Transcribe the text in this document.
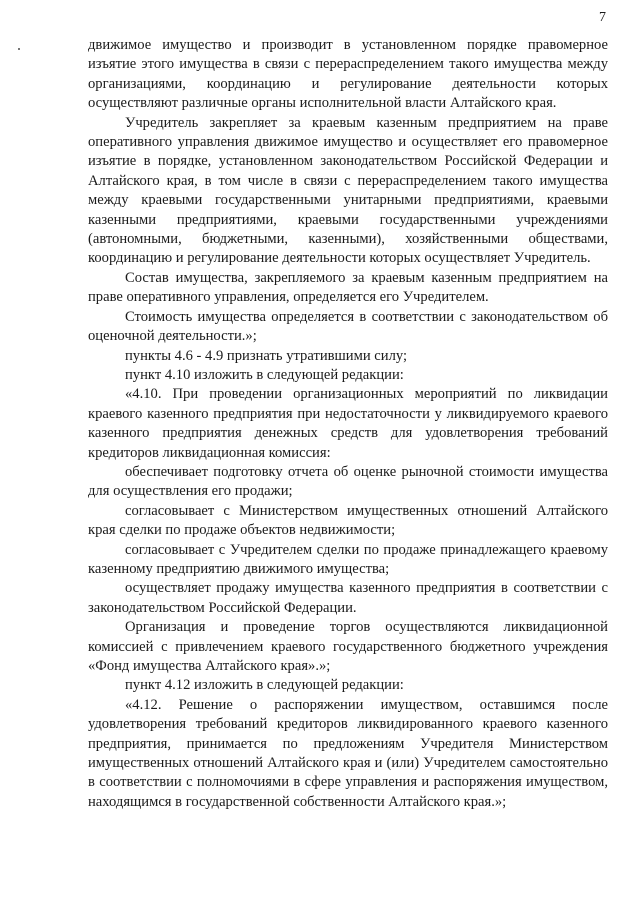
7

движимое имущество и производит в установленном порядке правомерное изъятие этого имущества в связи с перераспределением такого имущества между организациями, координацию и регулирование деятельности которых осуществляют различные органы исполнительной власти Алтайского края.

Учредитель закрепляет за краевым казенным предприятием на праве оперативного управления движимое имущество и осуществляет его правомерное изъятие в порядке, установленном законодательством Российской Федерации и Алтайского края, в том числе в связи с перераспределением такого имущества между краевыми государственными унитарными предприятиями, краевыми казенными предприятиями, краевыми государственными учреждениями (автономными, бюджетными, казенными), хозяйственными обществами, координацию и регулирование деятельности которых осуществляет Учредитель.

Состав имущества, закрепляемого за краевым казенным предприятием на праве оперативного управления, определяется его Учредителем.

Стоимость имущества определяется в соответствии с законодательством об оценочной деятельности.»;

пункты 4.6 - 4.9 признать утратившими силу;

пункт 4.10 изложить в следующей редакции:

«4.10. При проведении организационных мероприятий по ликвидации краевого казенного предприятия при недостаточности у ликвидируемого краевого казенного предприятия денежных средств для удовлетворения требований кредиторов ликвидационная комиссия:

обеспечивает подготовку отчета об оценке рыночной стоимости имущества для осуществления его продажи;

согласовывает с Министерством имущественных отношений Алтайского края сделки по продаже объектов недвижимости;

согласовывает с Учредителем сделки по продаже принадлежащего краевому казенному предприятию движимого имущества;

осуществляет продажу имущества казенного предприятия в соответствии с законодательством Российской Федерации.

Организация и проведение торгов осуществляются ликвидационной комиссией с привлечением краевого государственного бюджетного учреждения «Фонд имущества Алтайского края».»;

пункт 4.12 изложить в следующей редакции:

«4.12. Решение о распоряжении имуществом, оставшимся после удовлетворения требований кредиторов ликвидированного краевого казенного предприятия, принимается по предложениям Учредителя Министерством имущественных отношений Алтайского края и (или) Учредителем самостоятельно в соответствии с полномочиями в сфере управления и распоряжения имуществом, находящимся в государственной собственности Алтайского края.»;
